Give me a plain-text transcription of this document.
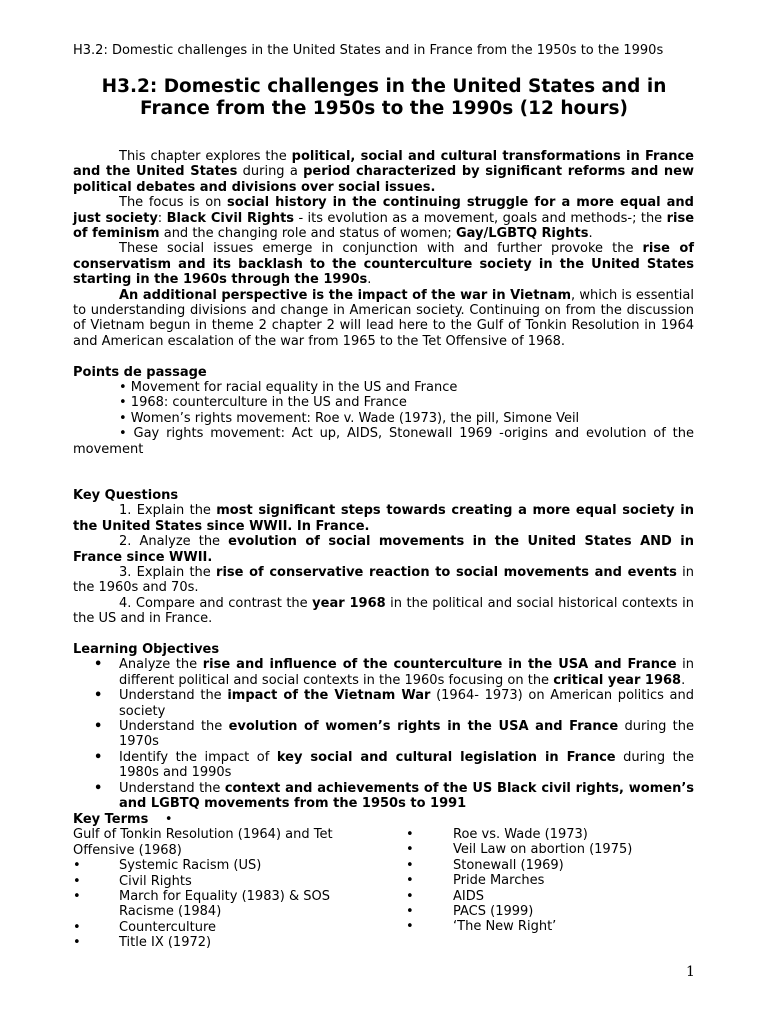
H3.2: Domestic challenges in the United States and in France from the 1950s to the 1990s
H3.2: Domestic challenges in the United States and in France from the 1950s to the 1990s (12 hours)

This chapter explores the political, social and cultural transformations in France and the United States during a period characterized by significant reforms and new political debates and divisions over social issues.

The focus is on social history in the continuing struggle for a more equal and just society: Black Civil Rights - its evolution as a movement, goals and methods-; the rise of feminism and the changing role and status of women; Gay/LGBTQ Rights.

These social issues emerge in conjunction with and further provoke the rise of conservatism and its backlash to the counterculture society in the United States starting in the 1960s through the 1990s.

An additional perspective is the impact of the war in Vietnam, which is essential to understanding divisions and change in American society. Continuing on from the discussion of Vietnam begun in theme 2 chapter 2 will lead here to the Gulf of Tonkin Resolution in 1964 and American escalation of the war from 1965 to the Tet Offensive of 1968.

Points de passage

• Movement for racial equality in the US and France

• 1968: counterculture in the US and France

• Women’s rights movement: Roe v. Wade (1973), the pill, Simone Veil

• Gay rights movement: Act up, AIDS, Stonewall 1969 -origins and evolution of the movement

Key Questions

1. Explain the most significant steps towards creating a more equal society in the United States since WWII. In France.

2. Analyze the evolution of social movements in the United States AND in France since WWII.

3. Explain the rise of conservative reaction to social movements and events in the 1960s and 70s.

4. Compare and contrast the year 1968 in the political and social historical contexts in the US and in France.

Learning Objectives

• Analyze the rise and influence of the counterculture in the USA and France in different political and social contexts in the 1960s focusing on the critical year 1968.

• Understand the impact of the Vietnam War (1964- 1973) on American politics and society

• Understand the evolution of women’s rights in the USA and France during the 1970s

• Identify the impact of key social and cultural legislation in France during the 1980s and 1990s

• Understand the context and achievements of the US Black civil rights, women’s and LGBTQ movements from the 1950s to 1991

Key Terms •
Gulf of Tonkin Resolution (1964) and Tet Offensive (1968)
•	Systemic Racism (US)
•	Civil Rights
•	March for Equality (1983) & SOS Racisme (1984)
•	Counterculture
•	Title IX (1972)
•	Roe vs. Wade (1973)
•	Veil Law on abortion (1975)
•	Stonewall (1969)
•	Pride Marches
•	AIDS
•	PACS (1999)
•	‘The New Right’
1
